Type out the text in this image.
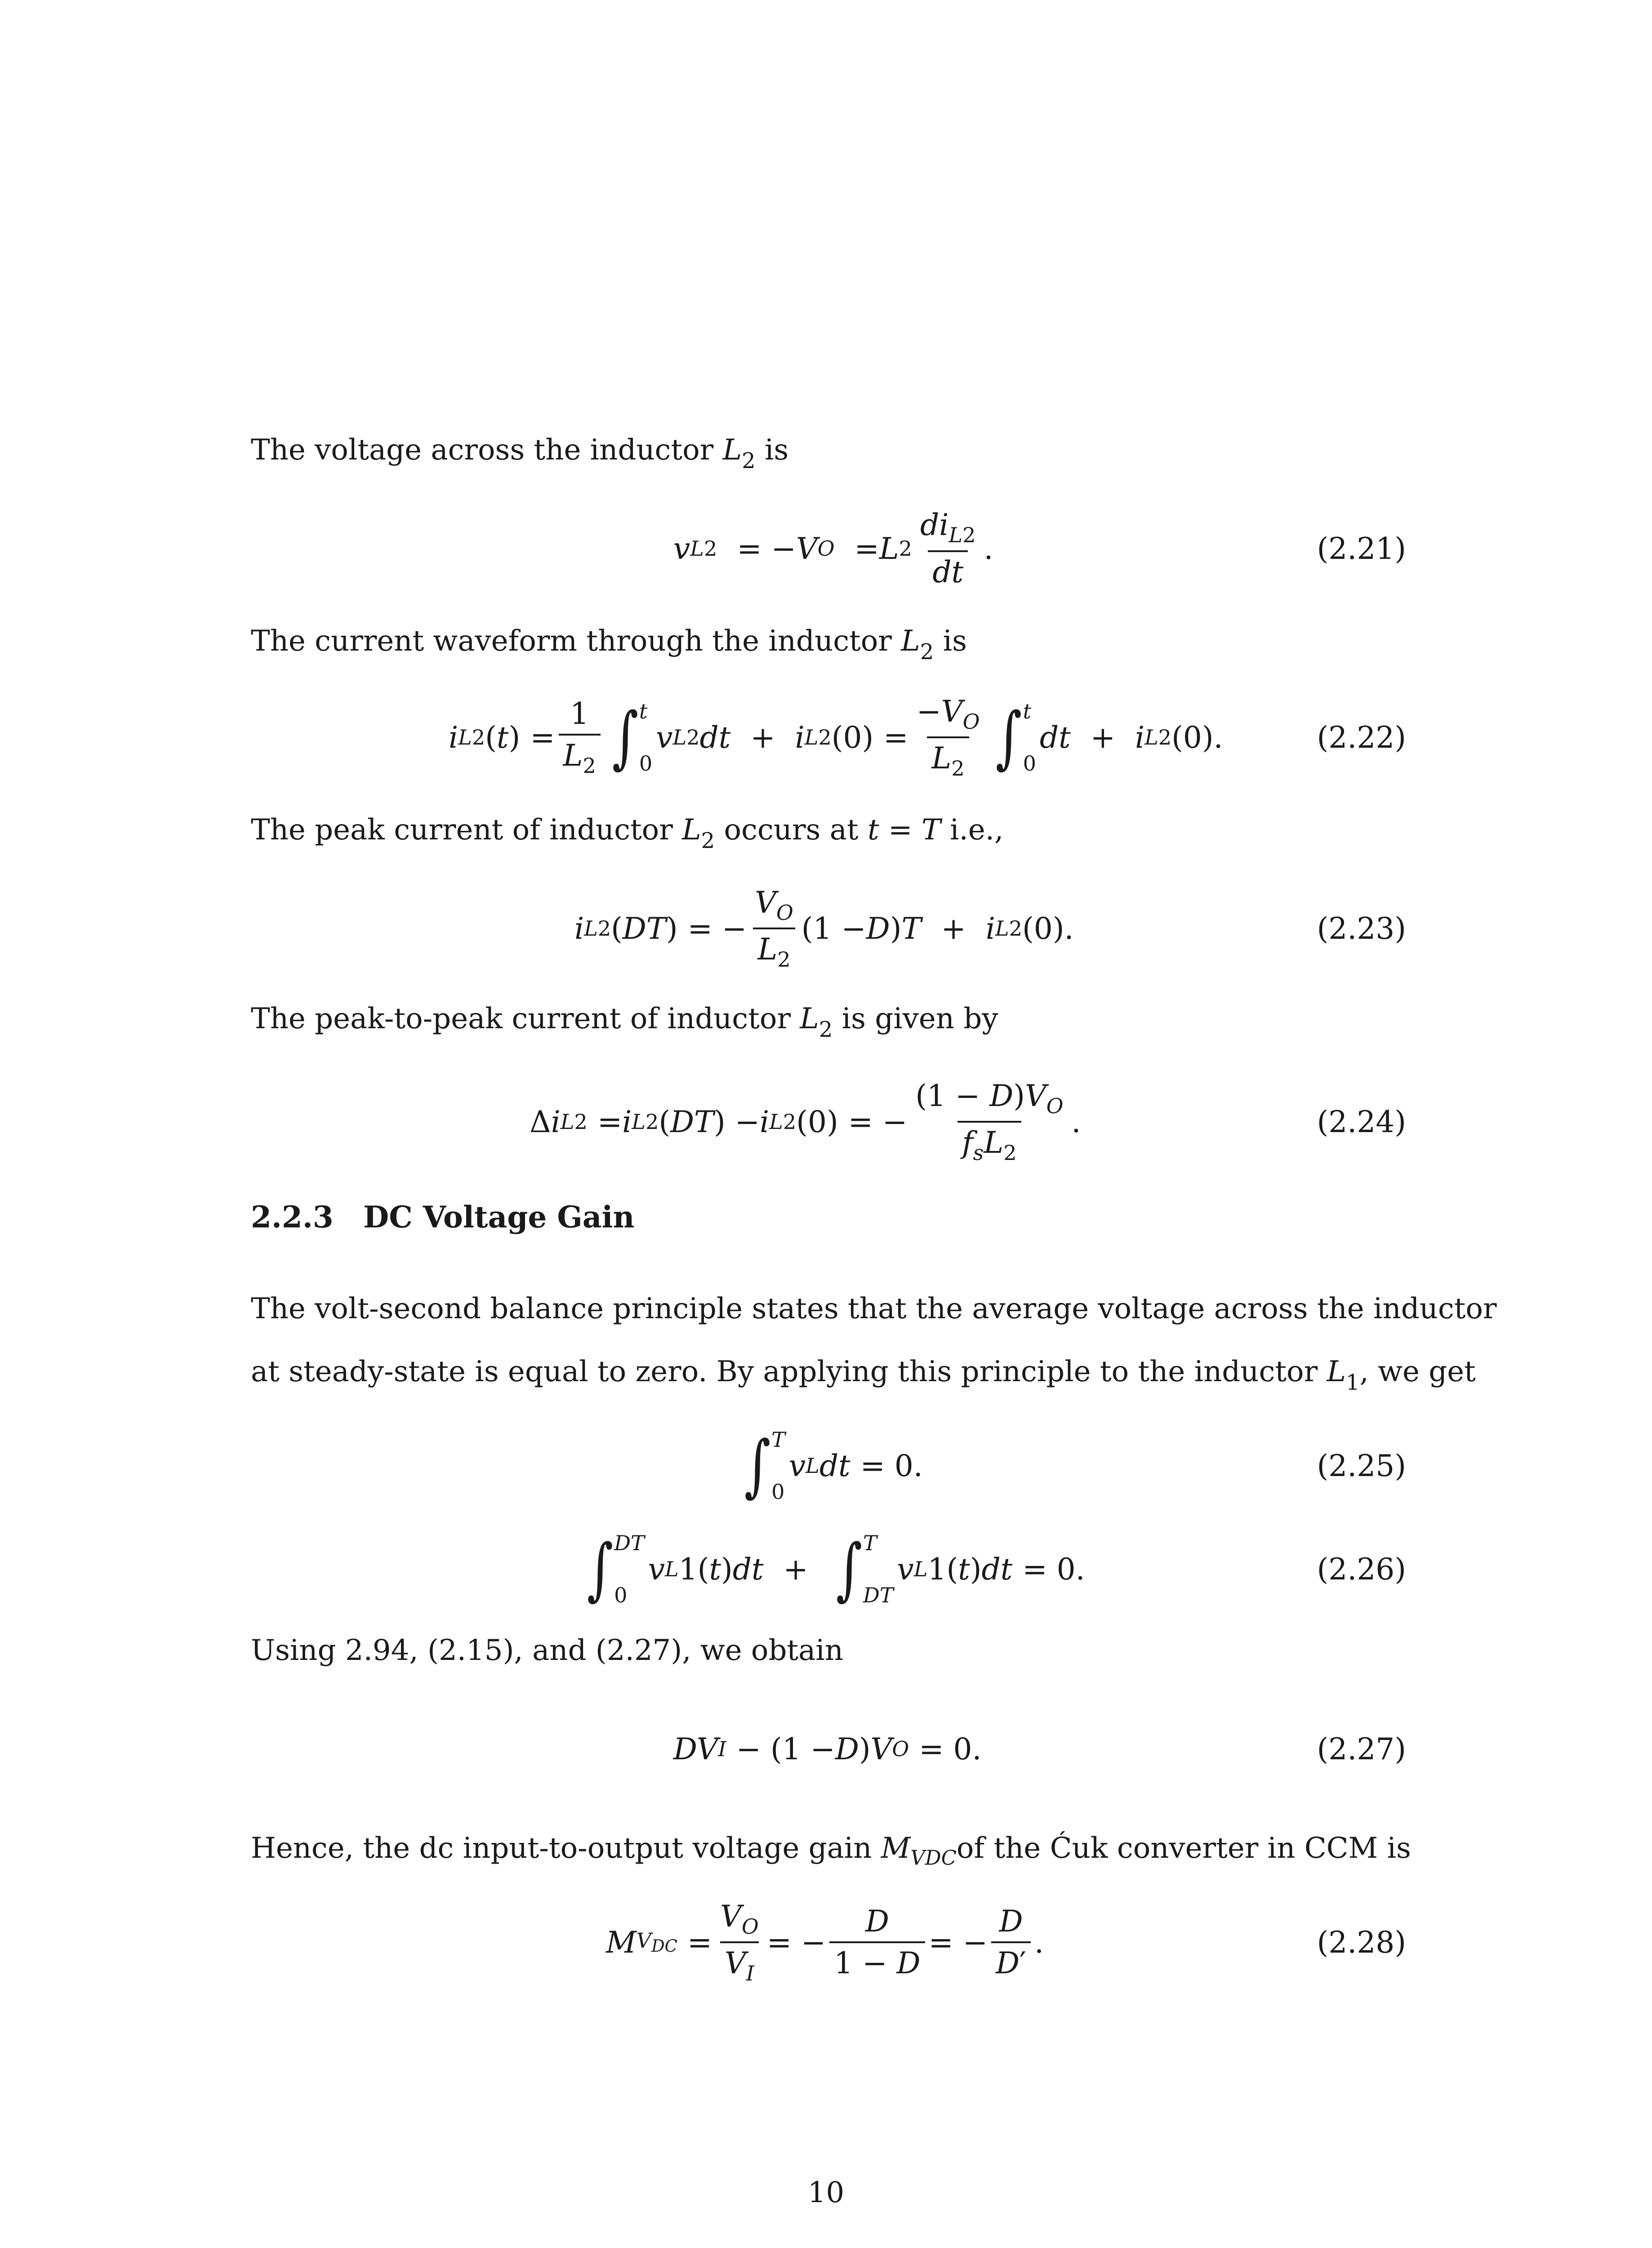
The voltage across the inductor $L_2$ is
v L 2 = − V O = L $2 \frac{di_{L2}}{dt}$ .	(2.21)
The current waveform through the inductor $L_2$ is
i L 2 ( t )
= $\frac{1}{L_2}$ ∫ t
0
v L 2 dt + i L 2 (0)
= $\frac{-V_O}{L_2}$ ∫ t
0
dt + i L 2 (0).	(2.22)
The peak current of inductor $L_2$ occurs at t = T i.e.,
i L 2 ( DT )
= − $\frac{V_O}{L_2} (1 - D$ ) T + i L 2 (0).	(2.23)
The peak-to-peak current of inductor $L_2$ is given by
Δ i L 2 = i L 2 ( DT ) − i L 2 (0)
= − $\frac{(1 - D)V_O}{f_sL_2}$ .	(2.24)
2.2.3 DC Voltage Gain
The volt-second balance principle states that the average voltage across the inductor
at steady-state is equal to zero. By applying this principle to the inductor $L_1$, we get
∫ T
0
v L dt = 0.	(2.25)
∫ DT
0
v L 1( t ) dt + ∫ T
DT
v L 1( t ) dt = 0.	(2.26)
Using 2.94, (2.15), and (2.27), we obtain
DV I − (1 − D ) V O = 0.	(2.27)
Hence, the dc input-to-output voltage gain $M_{VDC}of$ the Ćuk converter in CCM is
M $V_{DC} = \frac{V_O}{V_I}$ = − $\frac{D}{1 - D}$ = − $\frac{D}{D'}$ .	(2.28)
10
